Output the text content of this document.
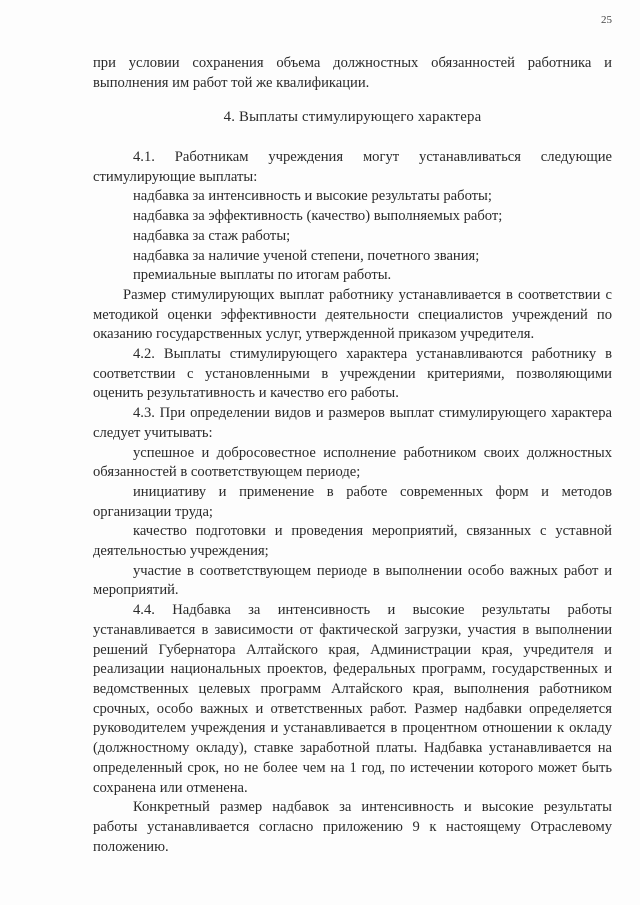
25

при условии сохранения объема должностных обязанностей работника и

выполнения им работ той же квалификации.

4. Выплаты стимулирующего характера

4.1. Работникам учреждения могут устанавливаться следующие стимулирующие выплаты:

надбавка за интенсивность и высокие результаты работы;

надбавка за эффективность (качество) выполняемых работ;

надбавка за стаж работы;

надбавка за наличие ученой степени, почетного звания;

премиальные выплаты по итогам работы.

Размер стимулирующих выплат работнику устанавливается в соответствии с методикой оценки эффективности деятельности специалистов учреждений по оказанию государственных услуг, утвержденной приказом учредителя.

4.2. Выплаты стимулирующего характера устанавливаются работнику в соответствии с установленными в учреждении критериями, позволяющими оценить результативность и качество его работы.

4.3. При определении видов и размеров выплат стимулирующего характера следует учитывать:

успешное и добросовестное исполнение работником своих должностных обязанностей в соответствующем периоде;

инициативу и применение в работе современных форм и методов организации труда;

качество подготовки и проведения мероприятий, связанных с уставной деятельностью учреждения;

участие в соответствующем периоде в выполнении особо важных работ и мероприятий.

4.4. Надбавка за интенсивность и высокие результаты работы устанавливается в зависимости от фактической загрузки, участия в выполнении решений Губернатора Алтайского края, Администрации края, учредителя и реализации национальных проектов, федеральных программ, государственных и ведомственных целевых программ Алтайского края, выполнения работником срочных, особо важных и ответственных работ. Размер надбавки определяется руководителем учреждения и устанавливается в процентном отношении к окладу (должностному окладу), ставке заработной платы. Надбавка устанавливается на определенный срок, но не более чем на 1 год, по истечении которого может быть сохранена или отменена.

Конкретный размер надбавок за интенсивность и высокие результаты работы устанавливается согласно приложению 9 к настоящему Отраслевому положению.
